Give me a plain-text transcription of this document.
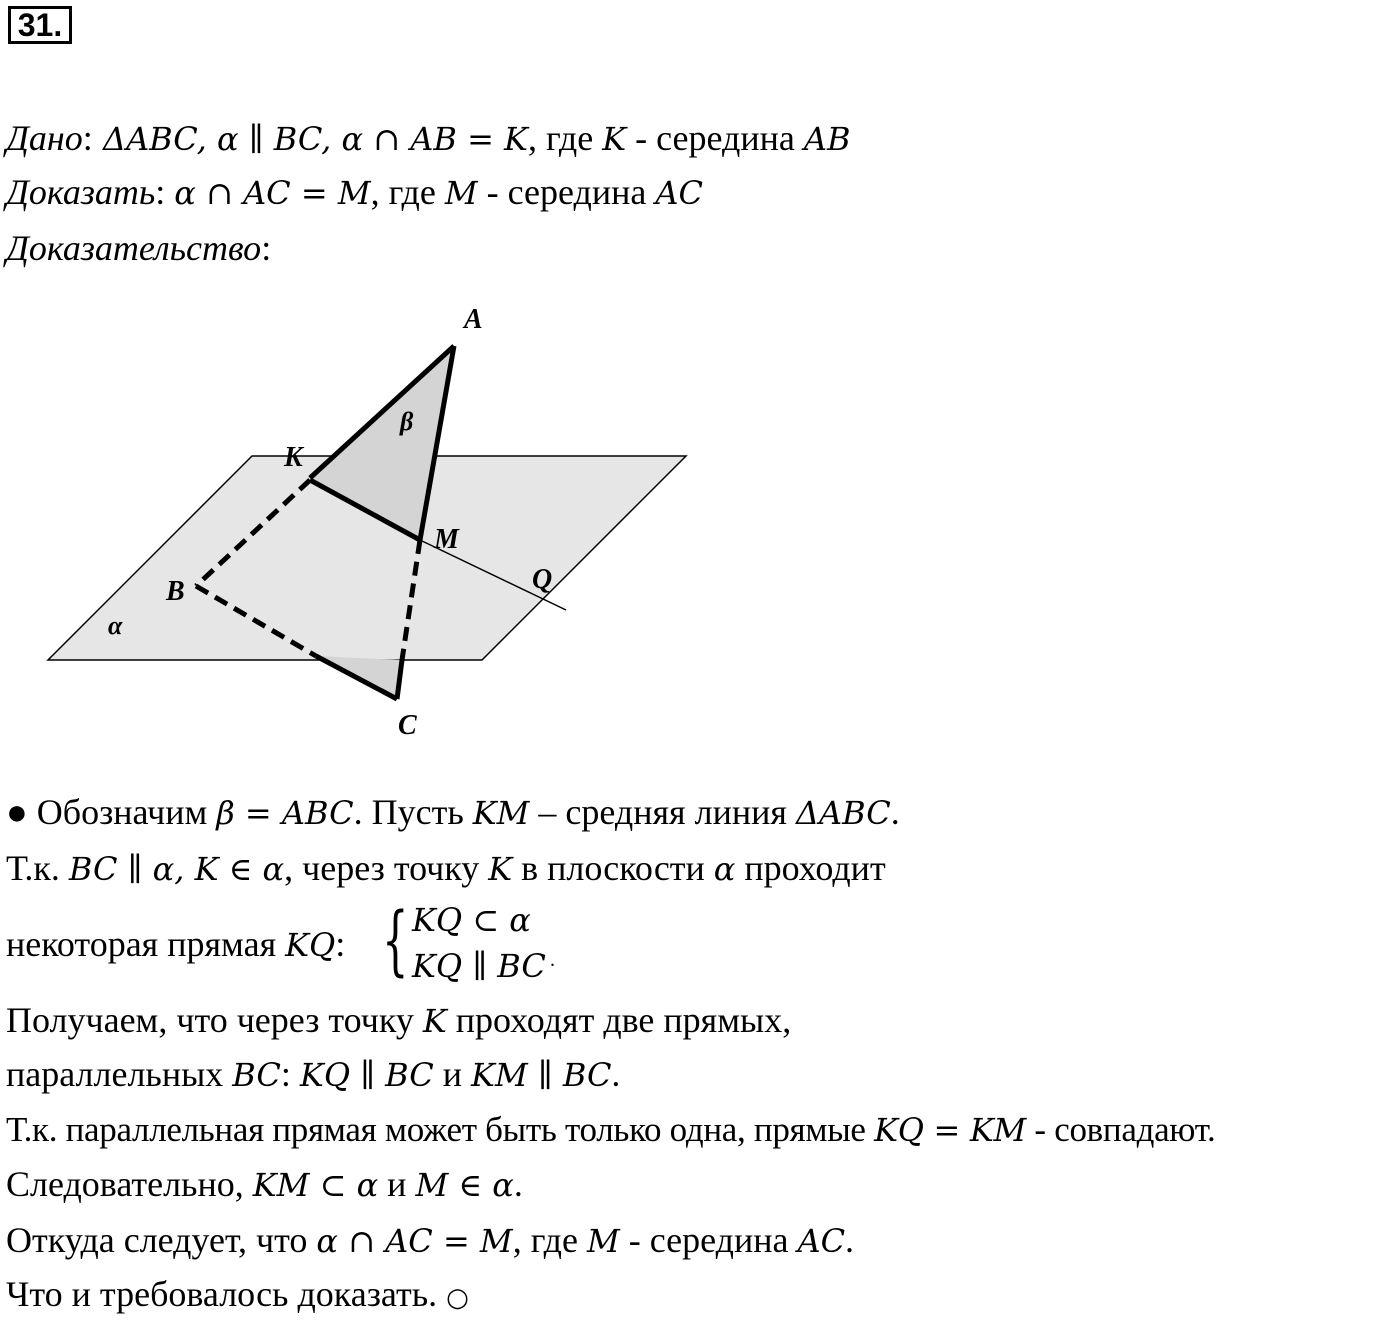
31.
Дано: ΔABC, α ∥ BC, α ∩ AB = K, где K - середина AB
Доказать: α ∩ AC = M, где M - середина AC
Доказательство:
A
K
M
Q
B
C
α
β
● Обозначим β = ABC. Пусть KM – средняя линия ΔABC.
Т.к. BC ∥ α, K ∈ α, через точку K в плоскости α проходит
некоторая прямая KQ: { KQ ⊂ α
KQ ∥ BC .
Получаем, что через точку K проходят две прямых,
параллельных BC: KQ ∥ BC и KM ∥ BC.
Т.к. параллельная прямая может быть только одна, прямые KQ = KM - совпадают.
Следовательно, KM ⊂ α и M ∈ α.
Откуда следует, что α ∩ AC = M, где M - середина AC.
Что и требовалось доказать. ○
